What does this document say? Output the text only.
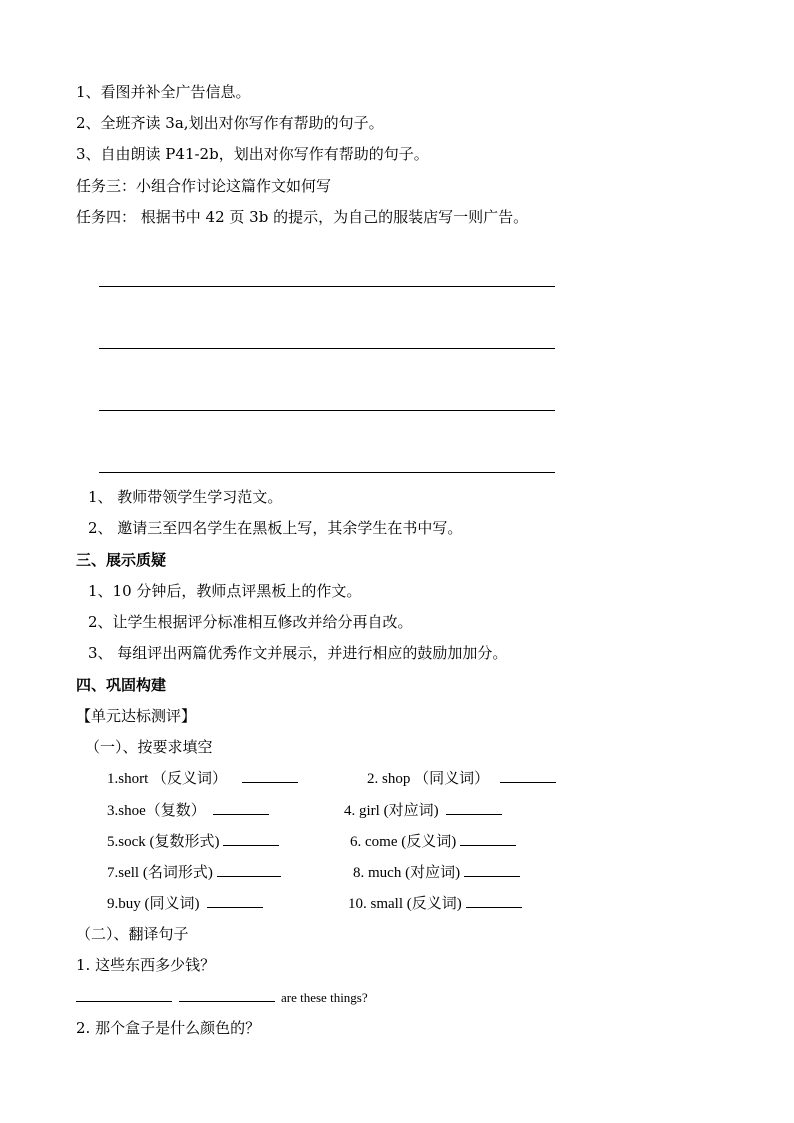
1、看图并补全广告信息。
2、全班齐读 3a,划出对你写作有帮助的句子。
3、自由朗读 P41-2b，划出对你写作有帮助的句子。
任务三：小组合作讨论这篇作文如何写
任务四： 根据书中 42 页 3b 的提示，为自己的服装店写一则广告。
1、 教师带领学生学习范文。
2、 邀请三至四名学生在黑板上写，其余学生在书中写。
三、展示质疑
1、10 分钟后，教师点评黑板上的作文。
2、让学生根据评分标准相互修改并给分再自改。
3、 每组评出两篇优秀作文并展示，并进行相应的鼓励加加分。
四、巩固构建
【单元达标测评】
（一）、按要求填空
1.short （反义词）	2. shop （同义词）
3.shoe（复数）	4. girl (对应词)
5.sock (复数形式)	6. come (反义词)
7.sell (名词形式)	8. much (对应词)
9.buy (同义词)	10. small (反义词)
（二）、翻译句子
1. 这些东西多少钱？
are these things?
2. 那个盒子是什么颜色的？
